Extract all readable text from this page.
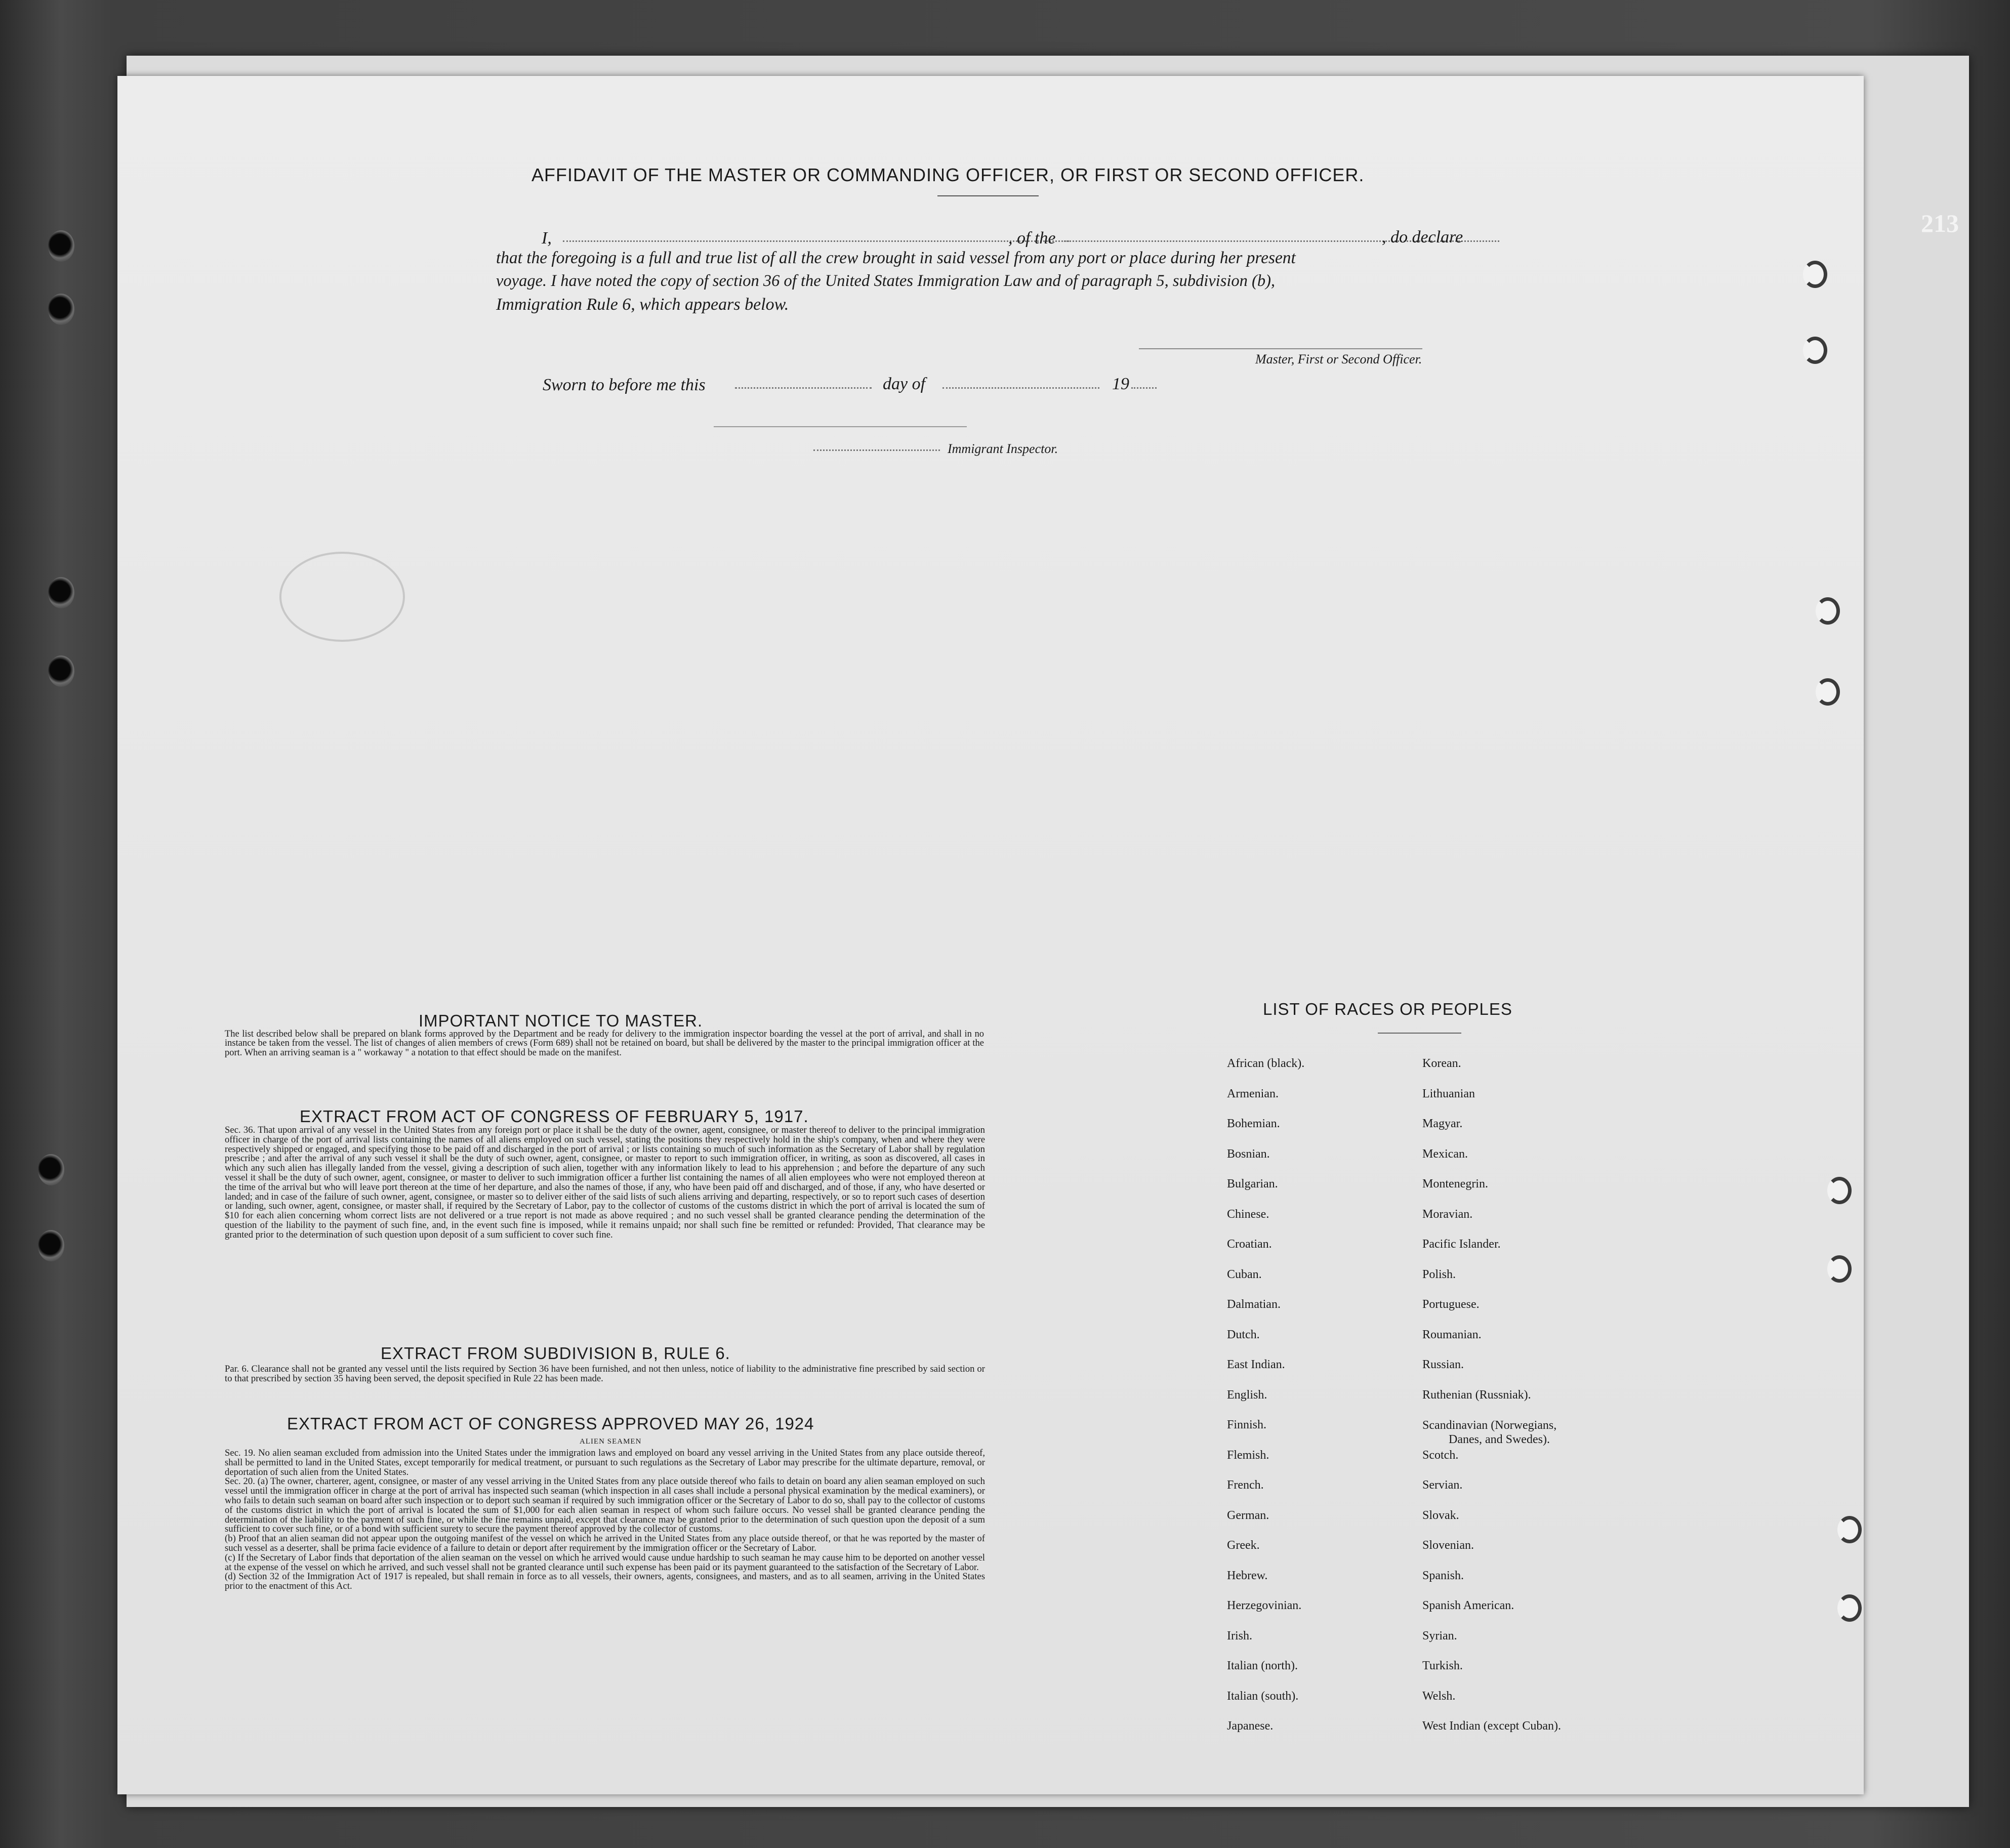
213
AFFIDAVIT OF THE MASTER OR COMMANDING OFFICER, OR FIRST OR SECOND OFFICER.
I,	, of the	, do declare
that the foregoing is a full and true list of all the crew brought in said vessel from any port or place during her present
voyage. I have noted the copy of section 36 of the United States Immigration Law and of paragraph 5, subdivision (b),
Immigration Rule 6, which appears below.
Master, First or Second Officer.
Sworn to before me this	day of	19
Immigrant Inspector.
IMPORTANT NOTICE TO MASTER.
The list described below shall be prepared on blank forms approved by the Department and be ready for delivery to the immigration inspector boarding the vessel at the port of arrival, and shall in no instance be taken from the vessel. The list of changes of alien members of crews (Form 689) shall not be retained on board, but shall be delivered by the master to the principal immigration officer at the port. When an arriving seaman is a " workaway " a notation to that effect should be made on the manifest.
EXTRACT FROM ACT OF CONGRESS OF FEBRUARY 5, 1917.
Sec. 36. That upon arrival of any vessel in the United States from any foreign port or place it shall be the duty of the owner, agent, consignee, or master thereof to deliver to the principal immigration officer in charge of the port of arrival lists containing the names of all aliens employed on such vessel, stating the positions they respectively hold in the ship's company, when and where they were respectively shipped or engaged, and specifying those to be paid off and discharged in the port of arrival ; or lists containing so much of such information as the Secretary of Labor shall by regulation prescribe ; and after the arrival of any such vessel it shall be the duty of such owner, agent, consignee, or master to report to such immigration officer, in writing, as soon as discovered, all cases in which any such alien has illegally landed from the vessel, giving a description of such alien, together with any information likely to lead to his apprehension ; and before the departure of any such vessel it shall be the duty of such owner, agent, consignee, or master to deliver to such immigration officer a further list containing the names of all alien employees who were not employed thereon at the time of the arrival but who will leave port thereon at the time of her departure, and also the names of those, if any, who have been paid off and discharged, and of those, if any, who have deserted or landed; and in case of the failure of such owner, agent, consignee, or master so to deliver either of the said lists of such aliens arriving and departing, respectively, or so to report such cases of desertion or landing, such owner, agent, consignee, or master shall, if required by the Secretary of Labor, pay to the collector of customs of the customs district in which the port of arrival is located the sum of $10 for each alien concerning whom correct lists are not delivered or a true report is not made as above required ; and no such vessel shall be granted clearance pending the determination of the question of the liability to the payment of such fine, and, in the event such fine is imposed, while it remains unpaid; nor shall such fine be remitted or refunded: Provided, That clearance may be granted prior to the determination of such question upon deposit of a sum sufficient to cover such fine.
EXTRACT FROM SUBDIVISION B, RULE 6.
Par. 6. Clearance shall not be granted any vessel until the lists required by Section 36 have been furnished, and not then unless, notice of liability to the administrative fine prescribed by said section or to that prescribed by section 35 having been served, the deposit specified in Rule 22 has been made.
EXTRACT FROM ACT OF CONGRESS APPROVED MAY 26, 1924
ALIEN SEAMEN
Sec. 19. No alien seaman excluded from admission into the United States under the immigration laws and employed on board any vessel arriving in the United States from any place outside thereof, shall be permitted to land in the United States, except temporarily for medical treatment, or pursuant to such regulations as the Secretary of Labor may prescribe for the ultimate departure, removal, or deportation of such alien from the United States.
Sec. 20. (a) The owner, charterer, agent, consignee, or master of any vessel arriving in the United States from any place outside thereof who fails to detain on board any alien seaman employed on such vessel until the immigration officer in charge at the port of arrival has inspected such seaman (which inspection in all cases shall include a personal physical examination by the medical examiners), or who fails to detain such seaman on board after such inspection or to deport such seaman if required by such immigration officer or the Secretary of Labor to do so, shall pay to the collector of customs of the customs district in which the port of arrival is located the sum of $1,000 for each alien seaman in respect of whom such failure occurs. No vessel shall be granted clearance pending the determination of the liability to the payment of such fine, or while the fine remains unpaid, except that clearance may be granted prior to the determination of such question upon the deposit of a sum sufficient to cover such fine, or of a bond with sufficient surety to secure the payment thereof approved by the collector of customs.
(b) Proof that an alien seaman did not appear upon the outgoing manifest of the vessel on which he arrived in the United States from any place outside thereof, or that he was reported by the master of such vessel as a deserter, shall be prima facie evidence of a failure to detain or deport after requirement by the immigration officer or the Secretary of Labor.
(c) If the Secretary of Labor finds that deportation of the alien seaman on the vessel on which he arrived would cause undue hardship to such seaman he may cause him to be deported on another vessel at the expense of the vessel on which he arrived, and such vessel shall not be granted clearance until such expense has been paid or its payment guaranteed to the satisfaction of the Secretary of Labor.
(d) Section 32 of the Immigration Act of 1917 is repealed, but shall remain in force as to all vessels, their owners, agents, consignees, and masters, and as to all seamen, arriving in the United States prior to the enactment of this Act.
LIST OF RACES OR PEOPLES
African (black).
Armenian.
Bohemian.
Bosnian.
Bulgarian.
Chinese.
Croatian.
Cuban.
Dalmatian.
Dutch.
East Indian.
English.
Finnish.
Flemish.
French.
German.
Greek.
Hebrew.
Herzegovinian.
Irish.
Italian (north).
Italian (south).
Japanese.
Korean.
Lithuanian
Magyar.
Mexican.
Montenegrin.
Moravian.
Pacific Islander.
Polish.
Portuguese.
Roumanian.
Russian.
Ruthenian (Russniak).
Scandinavian (Norwegians,
Danes, and Swedes).
Scotch.
Servian.
Slovak.
Slovenian.
Spanish.
Spanish American.
Syrian.
Turkish.
Welsh.
West Indian (except Cuban).
